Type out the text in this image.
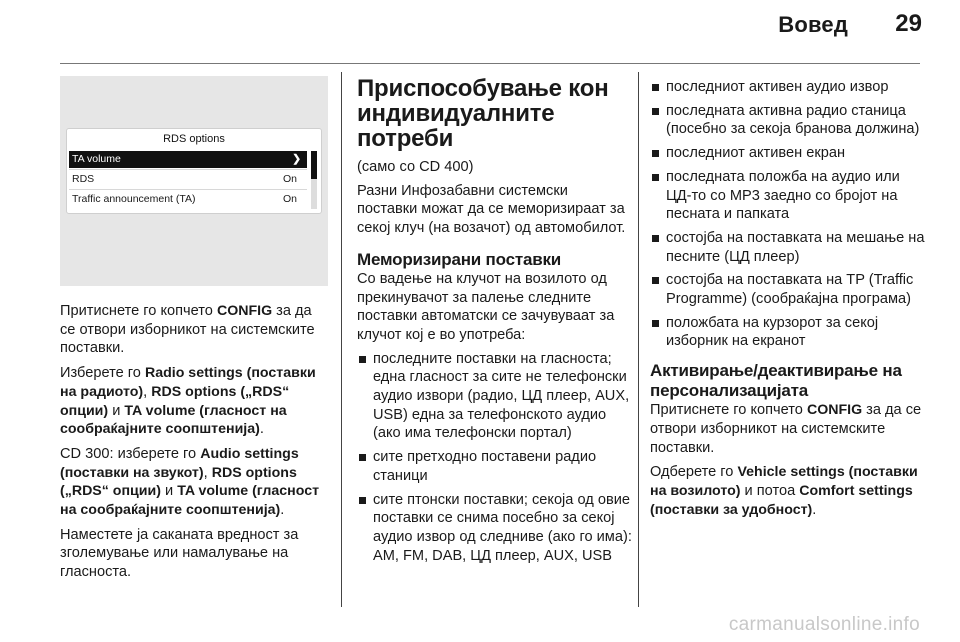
Вовед 29
RDS options
TA volume	❯
RDS	On
Traffic announcement (TA)	On

Притиснете го копчето CONFIG за да се отвори изборникот на системските поставки.

Изберете го Radio settings (поставки на радиото), RDS options („RDS“ опции) и TA volume (гласност на сообраќајните соопштенија).

CD 300: изберете го Audio settings (поставки на звукот), RDS options („RDS“ опции) и TA volume (гласност на сообраќајните соопштенија).

Наместете ја саканата вредност за зголемување или намалување на гласноста.

Приспособување кон индивидуалните потреби

(само со CD 400)

Разни Инфозабавни системски поставки можат да се меморизираат за секој клуч (на возачот) од автомобилот.

Меморизирани поставки

Со вадење на клучот на возилото од прекинувачот за палење следните поставки автоматски се зачувуваат за клучот кој е во употреба:

последните поставки на гласноста; една гласност за сите не телефонски аудио извори (радио, ЦД плеер, AUX, USB) една за телефонското аудио (ако има телефонски портал)
сите претходно поставени радио станици
сите птонски поставки; секоја од овие поставки се снима посебно за секој аудио извор од следниве (ако го има): AM, FM, DAB, ЦД плеер, AUX, USB
последниот активен аудио извор
последната активна радио станица (посебно за секоја бранова должина)
последниот активен екран
последната положба на аудио или ЦД-то со MP3 заедно со бројот на песната и папката
состојба на поставката на мешање на песните (ЦД плеер)
состојба на поставката на TP (Traffic Programme) (сообраќајна програма)
положбата на курзорот за секој изборник на екранот
Активирање/деактивирање на персонализацијата

Притиснете го копчето CONFIG за да се отвори изборникот на системските поставки.

Одберете го Vehicle settings (поставки на возилото) и потоа Comfort settings (поставки за удобност).

carmanualsonline.info
